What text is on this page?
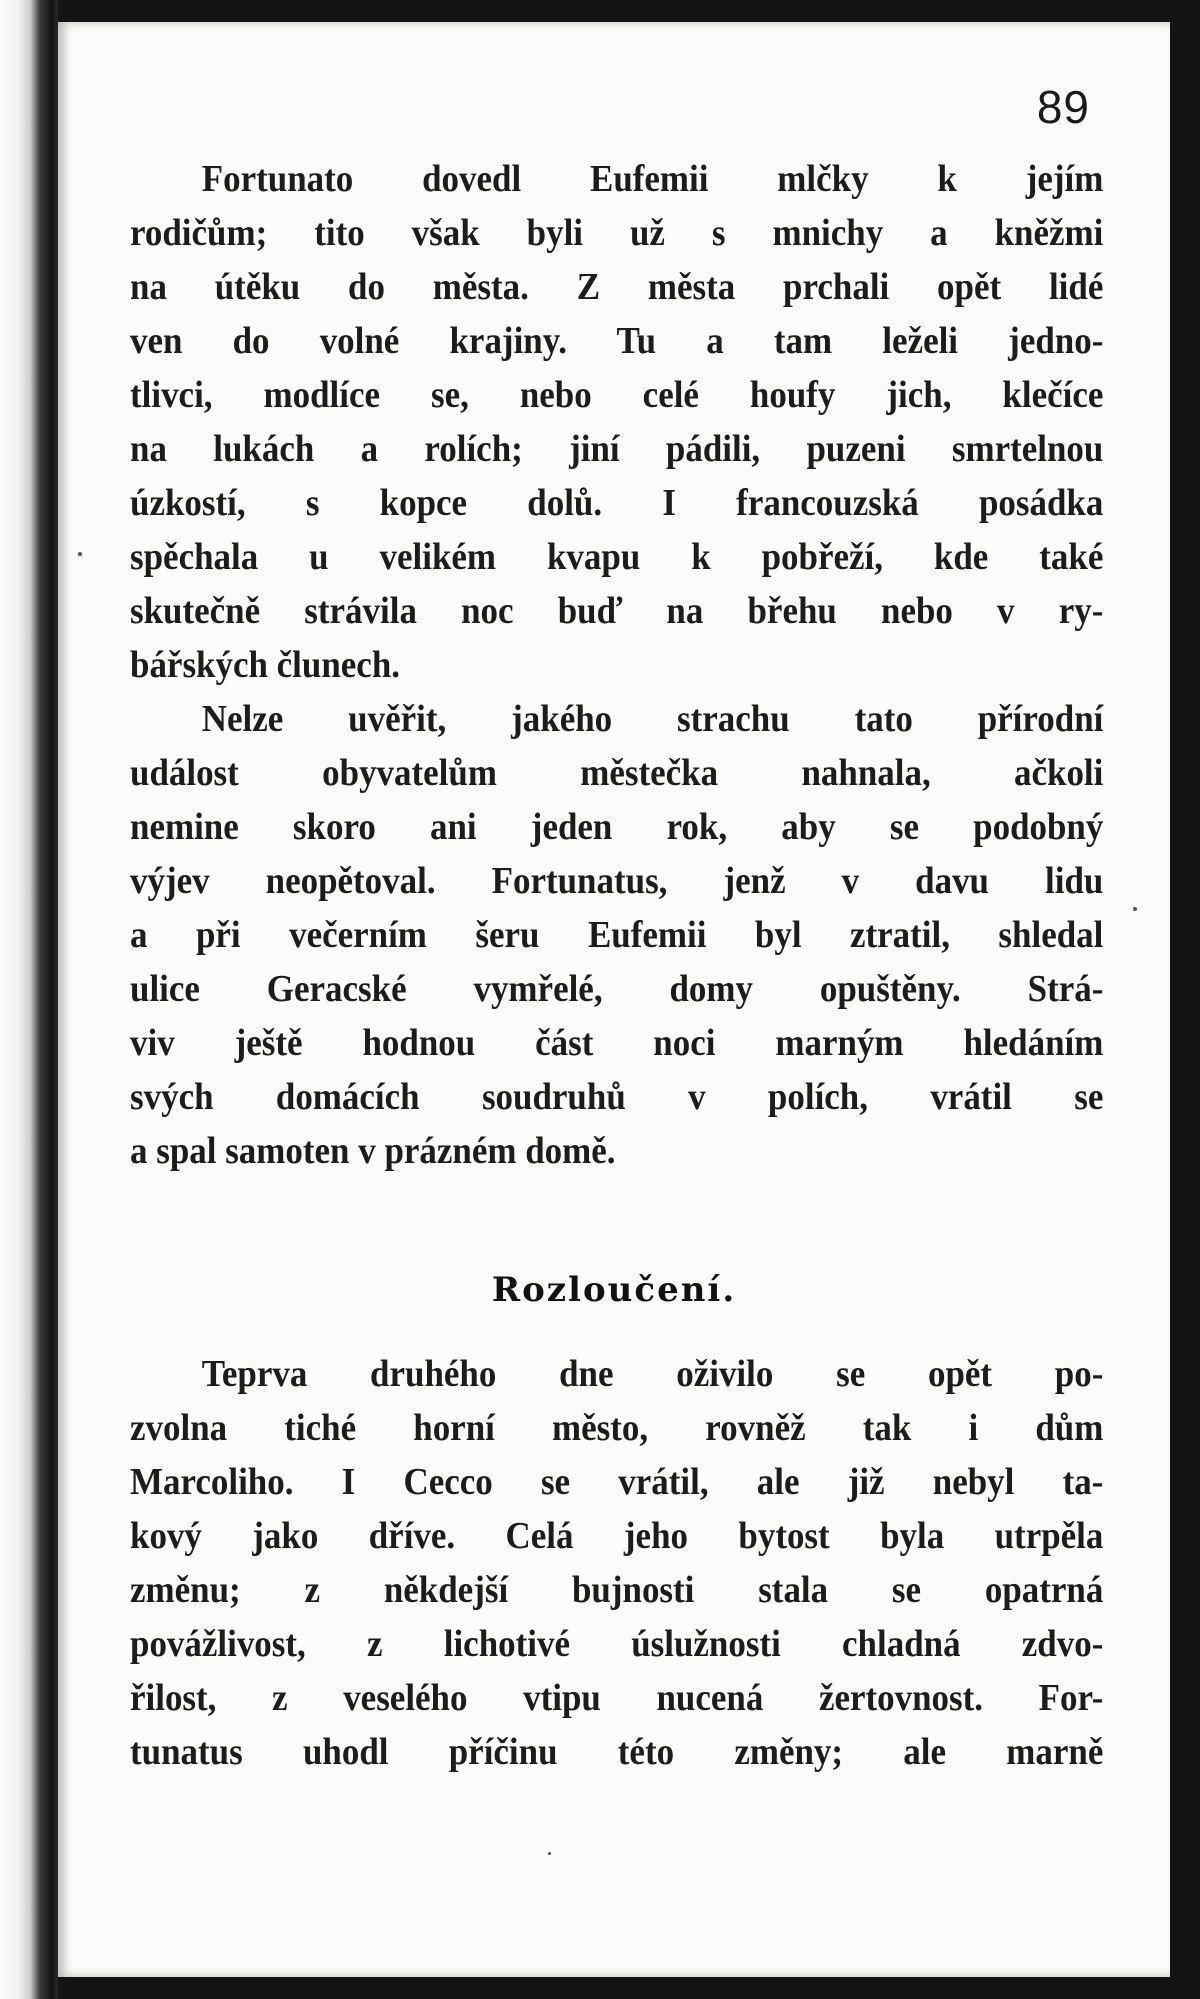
89
Fortunato dovedl Eufemii mlčky k jejím
rodičům; tito však byli už s mnichy a kněžmi
na útěku do města. Z města prchali opět lidé
ven do volné krajiny. Tu a tam leželi jedno-
tlivci, modlíce se, nebo celé houfy jich, klečíce
na lukách a rolích; jiní pádili, puzeni smrtelnou
úzkostí, s kopce dolů. I francouzská posádka
spěchala u velikém kvapu k pobřeží, kde také
skutečně strávila noc buď na břehu nebo v ry-
bářských člunech.
Nelze uvěřit, jakého strachu tato přírodní
událost obyvatelům městečka nahnala, ačkoli
nemine skoro ani jeden rok, aby se podobný
výjev neopětoval. Fortunatus, jenž v davu lidu
a při večerním šeru Eufemii byl ztratil, shledal
ulice Geracské vymřelé, domy opuštěny. Strá-
viv ještě hodnou část noci marným hledáním
svých domácích soudruhů v polích, vrátil se
a spal samoten v prázném domě.
Rozloučení.
Teprva druhého dne oživilo se opět po-
zvolna tiché horní město, rovněž tak i dům
Marcoliho. I Cecco se vrátil, ale již nebyl ta-
kový jako dříve. Celá jeho bytost byla utrpěla
změnu; z někdejší bujnosti stala se opatrná
povážlivost, z lichotivé úslužnosti chladná zdvo-
řilost, z veselého vtipu nucená žertovnost. For-
tunatus uhodl příčinu této změny; ale marně
